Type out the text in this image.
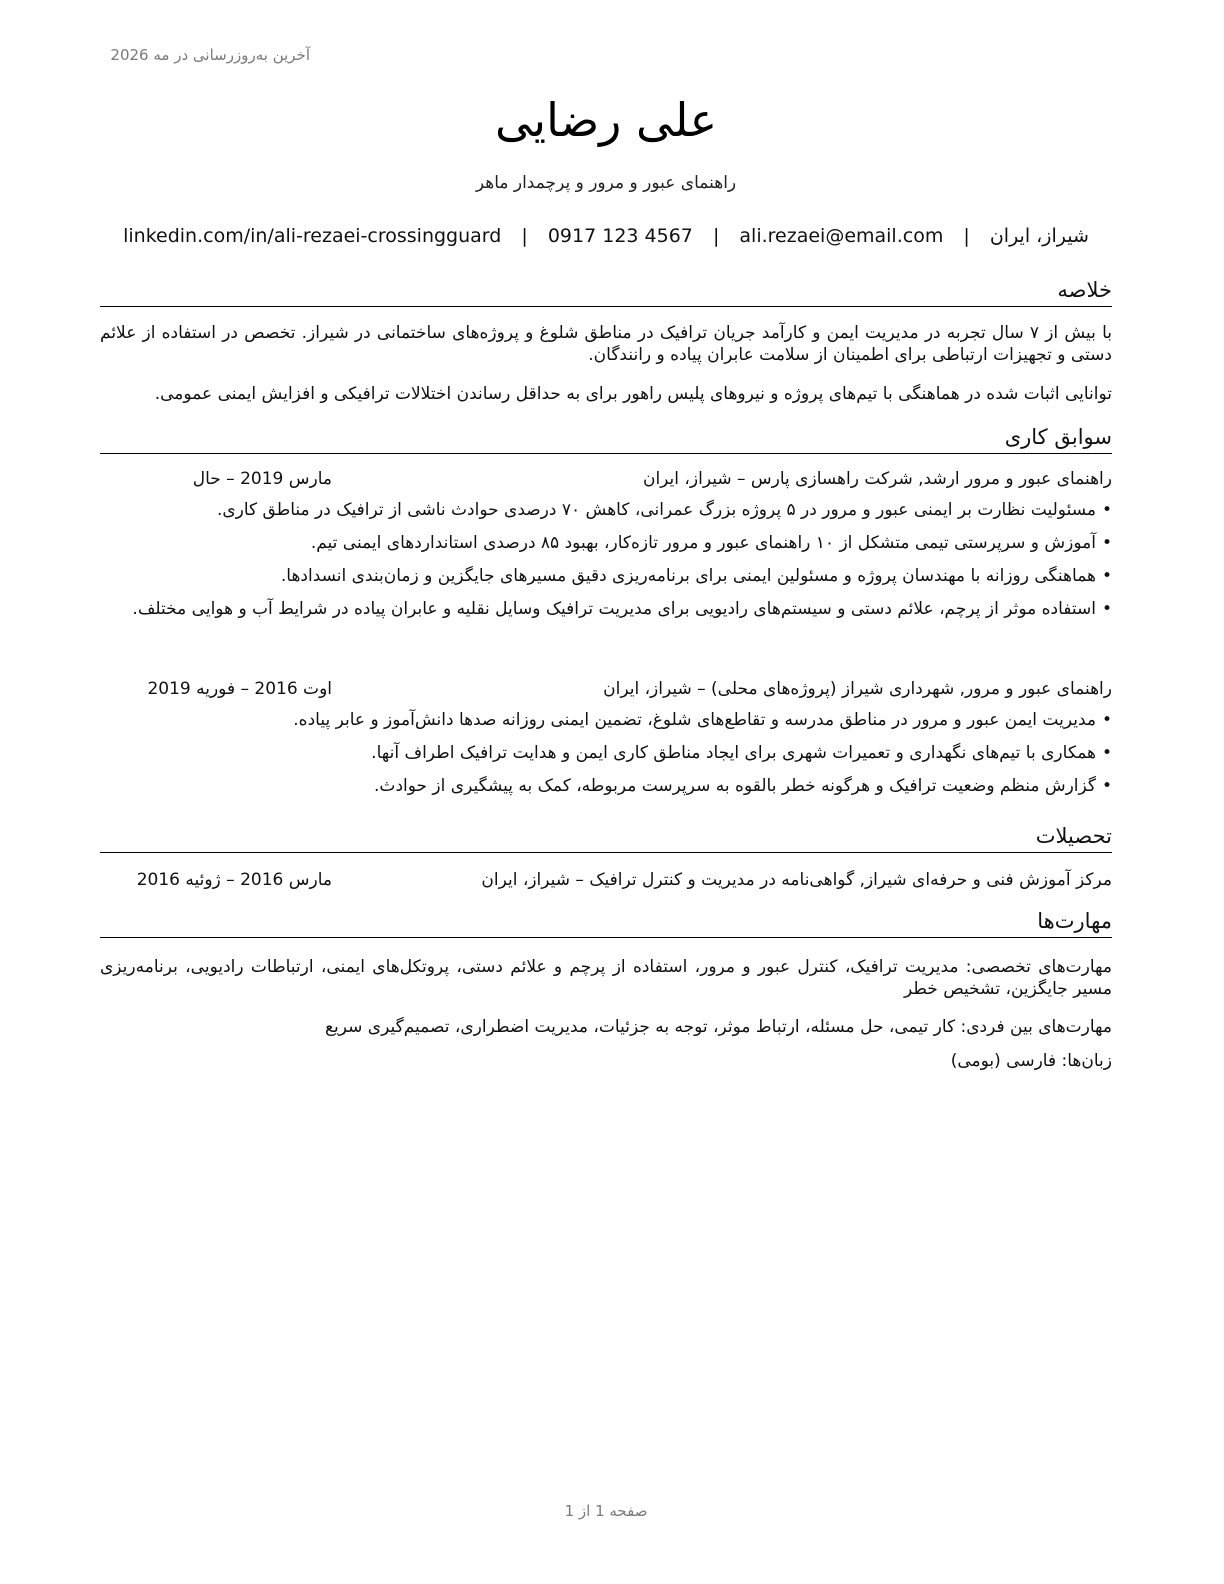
آخرین به‌روزرسانی در مه 2026
علی رضایی
راهنمای عبور و مرور و پرچمدار ماهر
شیراز، ایران | ali.rezaei@email.com | 0917 123 4567 | linkedin.com/in/ali-rezaei-crossingguard
خلاصه
با بیش از ۷ سال تجربه در مدیریت ایمن و کارآمد جریان ترافیک در مناطق شلوغ و پروژه‌های ساختمانی در شیراز. تخصص در استفاده از علائم دستی و تجهیزات ارتباطی برای اطمینان از سلامت عابران پیاده و رانندگان.
توانایی اثبات شده در هماهنگی با تیم‌های پروژه و نیروهای پلیس راهور برای به حداقل رساندن اختلالات ترافیکی و افزایش ایمنی عمومی.
سوابق کاری
راهنمای عبور و مرور ارشد, شرکت راهسازی پارس – شیراز، ایران
مارس 2019 – حال
•
مسئولیت نظارت بر ایمنی عبور و مرور در ۵ پروژه بزرگ عمرانی، کاهش ۷۰ درصدی حوادث ناشی از ترافیک در مناطق کاری.
•
آموزش و سرپرستی تیمی متشکل از ۱۰ راهنمای عبور و مرور تازه‌کار، بهبود ۸۵ درصدی استانداردهای ایمنی تیم.
•
هماهنگی روزانه با مهندسان پروژه و مسئولین ایمنی برای برنامه‌ریزی دقیق مسیرهای جایگزین و زمان‌بندی انسدادها.
•
استفاده موثر از پرچم، علائم دستی و سیستم‌های رادیویی برای مدیریت ترافیک وسایل نقلیه و عابران پیاده در شرایط آب و هوایی مختلف.
راهنمای عبور و مرور, شهرداری شیراز (پروژه‌های محلی) – شیراز، ایران
اوت 2016 – فوریه 2019
•
مدیریت ایمن عبور و مرور در مناطق مدرسه و تقاطع‌های شلوغ، تضمین ایمنی روزانه صدها دانش‌آموز و عابر پیاده.
•
همکاری با تیم‌های نگهداری و تعمیرات شهری برای ایجاد مناطق کاری ایمن و هدایت ترافیک اطراف آنها.
•
گزارش منظم وضعیت ترافیک و هرگونه خطر بالقوه به سرپرست مربوطه، کمک به پیشگیری از حوادث.
تحصیلات
مرکز آموزش فنی و حرفه‌ای شیراز, گواهی‌نامه در مدیریت و کنترل ترافیک – شیراز، ایران
مارس 2016 – ژوئیه 2016
مهارت‌ها
مهارت‌های تخصصی: مدیریت ترافیک، کنترل عبور و مرور، استفاده از پرچم و علائم دستی، پروتکل‌های ایمنی، ارتباطات رادیویی، برنامه‌ریزی مسیر جایگزین، تشخیص خطر
مهارت‌های بین فردی: کار تیمی، حل مسئله، ارتباط موثر، توجه به جزئیات، مدیریت اضطراری، تصمیم‌گیری سریع
زبان‌ها: فارسی (بومی)
صفحه 1 از 1
